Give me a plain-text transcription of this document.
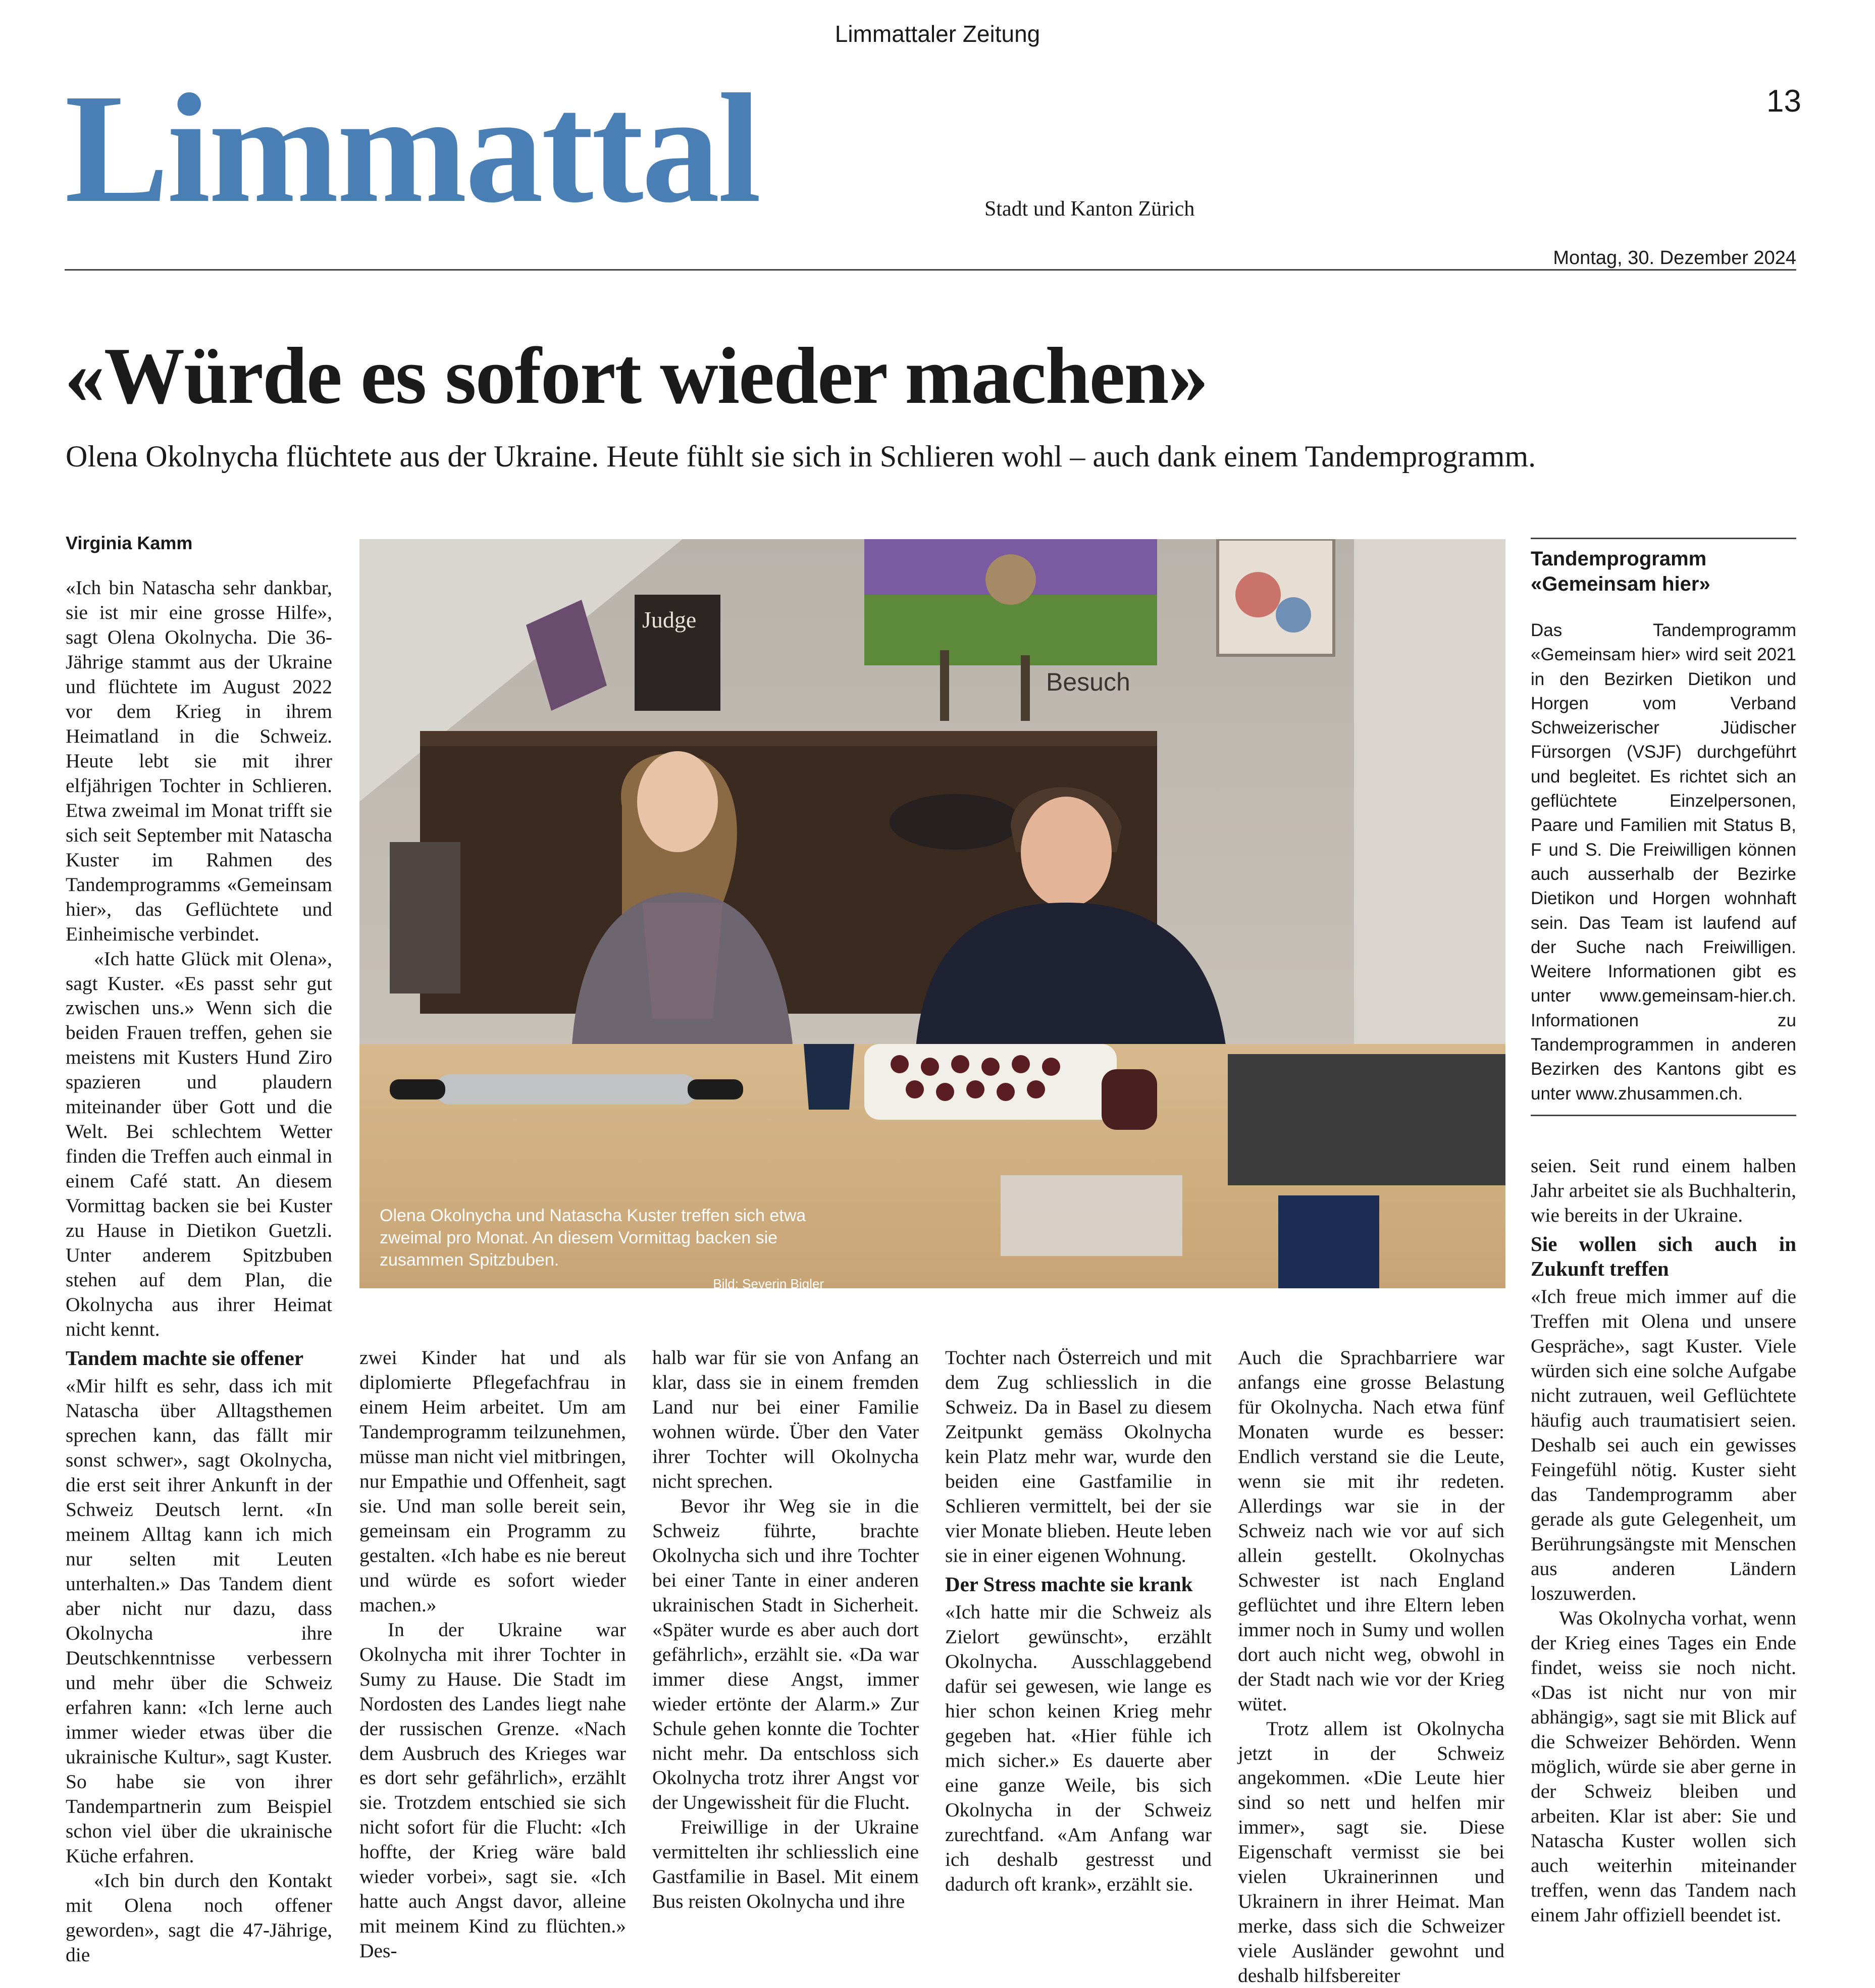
Limmattaler Zeitung
Limmattal	Stadt und Kanton Zürich
13
Montag, 30. Dezember 2024
«Würde es sofort wieder machen»
Olena Okolnycha flüchtete aus der Ukraine. Heute fühlt sie sich in Schlieren wohl – auch dank einem Tandemprogramm.
Virginia Kamm
Judge
Besuch
Olena Okolnycha und Natascha Kuster treffen sich etwa zweimal pro Monat. An diesem Vormittag backen sie zusammen Spitzbuben.
Bild: Severin Bigler

«Ich bin Natascha sehr dankbar, sie ist mir eine grosse Hilfe», sagt Olena Okolnycha. Die 36-Jährige stammt aus der Ukraine und flüchtete im August 2022 vor dem Krieg in ihrem Heimatland in die Schweiz. Heute lebt sie mit ihrer elfjährigen Tochter in Schlieren. Etwa zweimal im Monat trifft sie sich seit September mit Natascha Kuster im Rahmen des Tandemprogramms «Gemeinsam hier», das Geflüchtete und Einheimische verbindet.

«Ich hatte Glück mit Olena», sagt Kuster. «Es passt sehr gut zwischen uns.» Wenn sich die beiden Frauen treffen, gehen sie meistens mit Kusters Hund Ziro spazieren und plaudern miteinander über Gott und die Welt. Bei schlechtem Wetter finden die Treffen auch einmal in einem Café statt. An diesem Vormittag backen sie bei Kuster zu Hause in Dietikon Guetzli. Unter anderem Spitzbuben stehen auf dem Plan, die Okolnycha aus ihrer Heimat nicht kennt.

Tandem machte sie offener

«Mir hilft es sehr, dass ich mit Natascha über Alltagsthemen sprechen kann, das fällt mir sonst schwer», sagt Okolnycha, die erst seit ihrer Ankunft in der Schweiz Deutsch lernt. «In meinem Alltag kann ich mich nur selten mit Leuten unterhalten.» Das Tandem dient aber nicht nur dazu, dass Okolnycha ihre Deutschkenntnisse verbessern und mehr über die Schweiz erfahren kann: «Ich lerne auch immer wieder etwas über die ukrainische Kultur», sagt Kuster. So habe sie von ihrer Tandempartnerin zum Beispiel schon viel über die ukrainische Küche erfahren.

«Ich bin durch den Kontakt mit Olena noch offener geworden», sagt die 47-Jährige, die

zwei Kinder hat und als diplomierte Pflegefachfrau in einem Heim arbeitet. Um am Tandemprogramm teilzunehmen, müsse man nicht viel mitbringen, nur Empathie und Offenheit, sagt sie. Und man solle bereit sein, gemeinsam ein Programm zu gestalten. «Ich habe es nie bereut und würde es sofort wieder machen.»

In der Ukraine war Okolnycha mit ihrer Tochter in Sumy zu Hause. Die Stadt im Nordosten des Landes liegt nahe der russischen Grenze. «Nach dem Ausbruch des Krieges war es dort sehr gefährlich», erzählt sie. Trotzdem entschied sie sich nicht sofort für die Flucht: «Ich hoffte, der Krieg wäre bald wieder vorbei», sagt sie. «Ich hatte auch Angst davor, alleine mit meinem Kind zu flüchten.» Des-

halb war für sie von Anfang an klar, dass sie in einem fremden Land nur bei einer Familie wohnen würde. Über den Vater ihrer Tochter will Okolnycha nicht sprechen.

Bevor ihr Weg sie in die Schweiz führte, brachte Okolnycha sich und ihre Tochter bei einer Tante in einer anderen ukrainischen Stadt in Sicherheit. «Später wurde es aber auch dort gefährlich», erzählt sie. «Da war immer diese Angst, immer wieder ertönte der Alarm.» Zur Schule gehen konnte die Tochter nicht mehr. Da entschloss sich Okolnycha trotz ihrer Angst vor der Ungewissheit für die Flucht.

Freiwillige in der Ukraine vermittelten ihr schliesslich eine Gastfamilie in Basel. Mit einem Bus reisten Okolnycha und ihre

Tochter nach Österreich und mit dem Zug schliesslich in die Schweiz. Da in Basel zu diesem Zeitpunkt gemäss Okolnycha kein Platz mehr war, wurde den beiden eine Gastfamilie in Schlieren vermittelt, bei der sie vier Monate blieben. Heute leben sie in einer eigenen Wohnung.

Der Stress machte sie krank

«Ich hatte mir die Schweiz als Zielort gewünscht», erzählt Okolnycha. Ausschlaggebend dafür sei gewesen, wie lange es hier schon keinen Krieg mehr gegeben hat. «Hier fühle ich mich sicher.» Es dauerte aber eine ganze Weile, bis sich Okolnycha in der Schweiz zurechtfand. «Am Anfang war ich deshalb gestresst und dadurch oft krank», erzählt sie.

Auch die Sprachbarriere war anfangs eine grosse Belastung für Okolnycha. Nach etwa fünf Monaten wurde es besser: Endlich verstand sie die Leute, wenn sie mit ihr redeten. Allerdings war sie in der Schweiz nach wie vor auf sich allein gestellt. Okolnychas Schwester ist nach England geflüchtet und ihre Eltern leben immer noch in Sumy und wollen dort auch nicht weg, obwohl in der Stadt nach wie vor der Krieg wütet.

Trotz allem ist Okolnycha jetzt in der Schweiz angekommen. «Die Leute hier sind so nett und helfen mir immer», sagt sie. Diese Eigenschaft vermisst sie bei vielen Ukrainerinnen und Ukrainern in ihrer Heimat. Man merke, dass sich die Schweizer viele Ausländer gewohnt und deshalb hilfsbereiter

seien. Seit rund einem halben Jahr arbeitet sie als Buchhalterin, wie bereits in der Ukraine.

Sie wollen sich auch in Zukunft treffen

«Ich freue mich immer auf die Treffen mit Olena und unsere Gespräche», sagt Kuster. Viele würden sich eine solche Aufgabe nicht zutrauen, weil Geflüchtete häufig auch traumatisiert seien. Deshalb sei auch ein gewisses Feingefühl nötig. Kuster sieht das Tandemprogramm aber gerade als gute Gelegenheit, um Berührungsängste mit Menschen aus anderen Ländern loszuwerden.

Was Okolnycha vorhat, wenn der Krieg eines Tages ein Ende findet, weiss sie noch nicht. «Das ist nicht nur von mir abhängig», sagt sie mit Blick auf die Schweizer Behörden. Wenn möglich, würde sie aber gerne in der Schweiz bleiben und arbeiten. Klar ist aber: Sie und Natascha Kuster wollen sich auch weiterhin miteinander treffen, wenn das Tandem nach einem Jahr offiziell beendet ist.

Tandemprogramm «Gemeinsam hier»
Das Tandemprogramm «Gemeinsam hier» wird seit 2021 in den Bezirken Dietikon und Horgen vom Verband Schweizerischer Jüdischer Fürsorgen (VSJF) durchgeführt und begleitet. Es richtet sich an geflüchtete Einzelpersonen, Paare und Familien mit Status B, F und S. Die Freiwilligen können auch ausserhalb der Bezirke Dietikon und Horgen wohnhaft sein. Das Team ist laufend auf der Suche nach Freiwilligen. Weitere Informationen gibt es unter www.gemeinsam-hier.ch. Informationen zu Tandemprogrammen in anderen Bezirken des Kantons gibt es unter www.zhusammen.ch.
